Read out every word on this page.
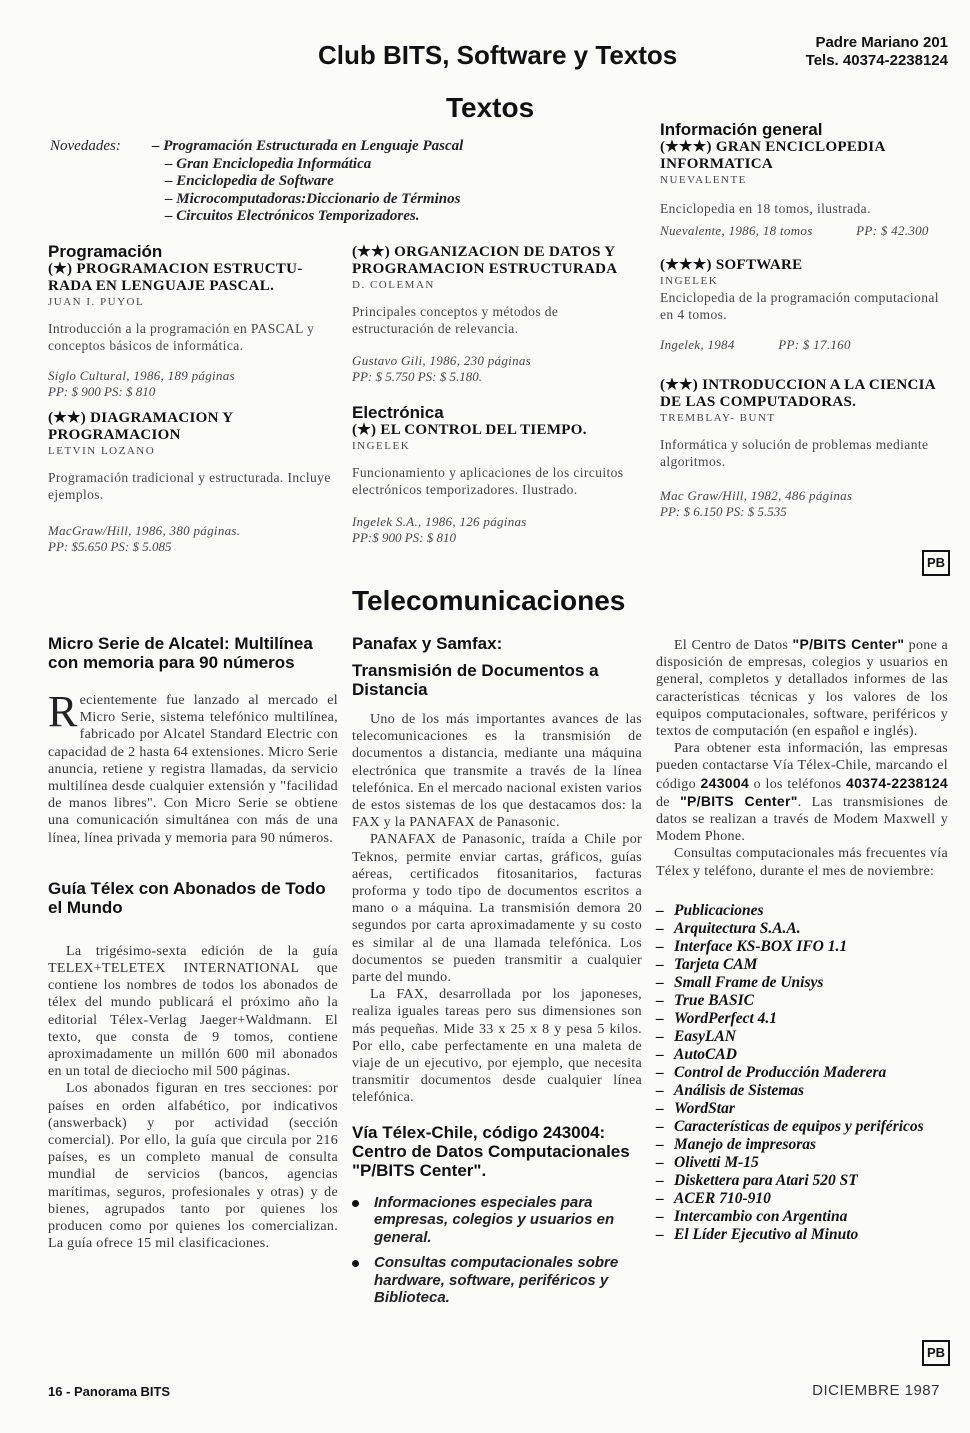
Club BITS, Software y Textos	Padre Mariano 201
Tels. 40374-2238124
Textos
Novedades: – Programación Estructurada en Lenguaje Pascal
– Gran Enciclopedia Informática
– Enciclopedia de Software
– Microcomputadoras:Diccionario de Términos
– Circuitos Electrónicos Temporizadores.
Programación
(★) PROGRAMACION ESTRUCTU-RADA EN LENGUAJE PASCAL.
JUAN I. PUYOL
Introducción a la programación en PASCAL y conceptos básicos de informática.
Siglo Cultural, 1986, 189 páginas
PP: $ 900 PS: $ 810
(★★) DIAGRAMACION Y PROGRAMACION
LETVIN LOZANO
Programación tradicional y estructurada. Incluye ejemplos.
MacGraw/Hill, 1986, 380 páginas.
PP: $5.650 PS: $ 5.085
(★★) ORGANIZACION DE DATOS Y PROGRAMACION ESTRUCTURADA
D. COLEMAN
Principales conceptos y métodos de estructuración de relevancia.
Gustavo Gili, 1986, 230 páginas
PP: $ 5.750 PS: $ 5.180.
Electrónica
(★) EL CONTROL DEL TIEMPO.
INGELEK
Funcionamiento y aplicaciones de los circuitos electrónicos temporizadores. Ilustrado.
Ingelek S.A., 1986, 126 páginas
PP:$ 900 PS: $ 810
Información general
(★★★) GRAN ENCICLOPEDIA INFORMATICA
NUEVALENTE
Enciclopedia en 18 tomos, ilustrada.
Nuevalente, 1986, 18 tomos	PP: $ 42.300
(★★★) SOFTWARE
INGELEK
Enciclopedia de la programación computacional en 4 tomos.
Ingelek, 1984	PP: $ 17.160
(★★) INTRODUCCION A LA CIENCIA DE LAS COMPUTADORAS.
TREMBLAY- BUNT
Informática y solución de problemas mediante algoritmos.
Mac Graw/Hill, 1982, 486 páginas
PP: $ 6.150 PS: $ 5.535
PB
Telecomunicaciones
Micro Serie de Alcatel: Multilínea con memoria para 90 números
Recientemente fue lanzado al mercado el Micro Serie, sistema telefónico multilínea, fabricado por Alcatel Standard Electric con capacidad de 2 hasta 64 extensiones. Micro Serie anuncia, retiene y registra llamadas, da servicio multilínea desde cualquier extensión y "facilidad de manos libres". Con Micro Serie se obtiene una comunicación simultánea con más de una línea, línea privada y memoria para 90 números.
Guía Télex con Abonados de Todo el Mundo

La trigésimo-sexta edición de la guía TELEX+TELETEX INTERNATIONAL que contiene los nombres de todos los abonados de télex del mundo publicará el próximo año la editorial Télex-Verlag Jaeger+Waldmann. El texto, que consta de 9 tomos, contiene aproximadamente un millón 600 mil abonados en un total de dieciocho mil 500 páginas.

Los abonados figuran en tres secciones: por países en orden alfabético, por indicativos (answerback) y por actividad (sección comercial). Por ello, la guía que circula por 216 países, es un completo manual de consulta mundial de servicios (bancos, agencias marítimas, seguros, profesionales y otras) y de bienes, agrupados tanto por quienes los producen como por quienes los comercializan. La guía ofrece 15 mil clasificaciones.

Panafax y Samfax:
Transmisión de Documentos a Distancia

Uno de los más importantes avances de las telecomunicaciones es la transmisión de documentos a distancia, mediante una máquina electrónica que transmite a través de la línea telefónica. En el mercado nacional existen varios de estos sistemas de los que destacamos dos: la FAX y la PANAFAX de Panasonic.

PANAFAX de Panasonic, traída a Chile por Teknos, permite enviar cartas, gráficos, guías aéreas, certificados fitosanitarios, facturas proforma y todo tipo de documentos escritos a mano o a máquina. La transmisión demora 20 segundos por carta aproximadamente y su costo es similar al de una llamada telefónica. Los documentos se pueden transmitir a cualquier parte del mundo.

La FAX, desarrollada por los japoneses, realiza iguales tareas pero sus dimensiones son más pequeñas. Mide 33 x 25 x 8 y pesa 5 kilos. Por ello, cabe perfectamente en una maleta de viaje de un ejecutivo, por ejemplo, que necesita transmitir documentos desde cualquier línea telefónica.

Vía Télex-Chile, código 243004: Centro de Datos Computacionales "P/BITS Center".
Informaciones especiales para empresas, colegios y usuarios en general.
Consultas computacionales sobre hardware, software, periféricos y Biblioteca.

El Centro de Datos "P/BITS Center" pone a disposición de empresas, colegios y usuarios en general, completos y detallados informes de las características técnicas y los valores de los equipos computacionales, software, periféricos y textos de computación (en español e inglés).

Para obtener esta información, las empresas pueden contactarse Vía Télex-Chile, marcando el código 243004 o los teléfonos 40374-2238124 de "P/BITS Center". Las transmisiones de datos se realizan a través de Modem Maxwell y Modem Phone.

Consultas computacionales más frecuentes vía Télex y teléfono, durante el mes de noviembre:

– Publicaciones
– Arquitectura S.A.A.
– Interface KS-BOX IFO 1.1
– Tarjeta CAM
– Small Frame de Unisys
– True BASIC
– WordPerfect 4.1
– EasyLAN
– AutoCAD
– Control de Producción Maderera
– Análisis de Sistemas
– WordStar
– Características de equipos y periféricos
– Manejo de impresoras
– Olivetti M-15
– Diskettera para Atari 520 ST
– ACER 710-910
– Intercambio con Argentina
– El Líder Ejecutivo al Minuto
PB
16 - Panorama BITS	DICIEMBRE 1987
